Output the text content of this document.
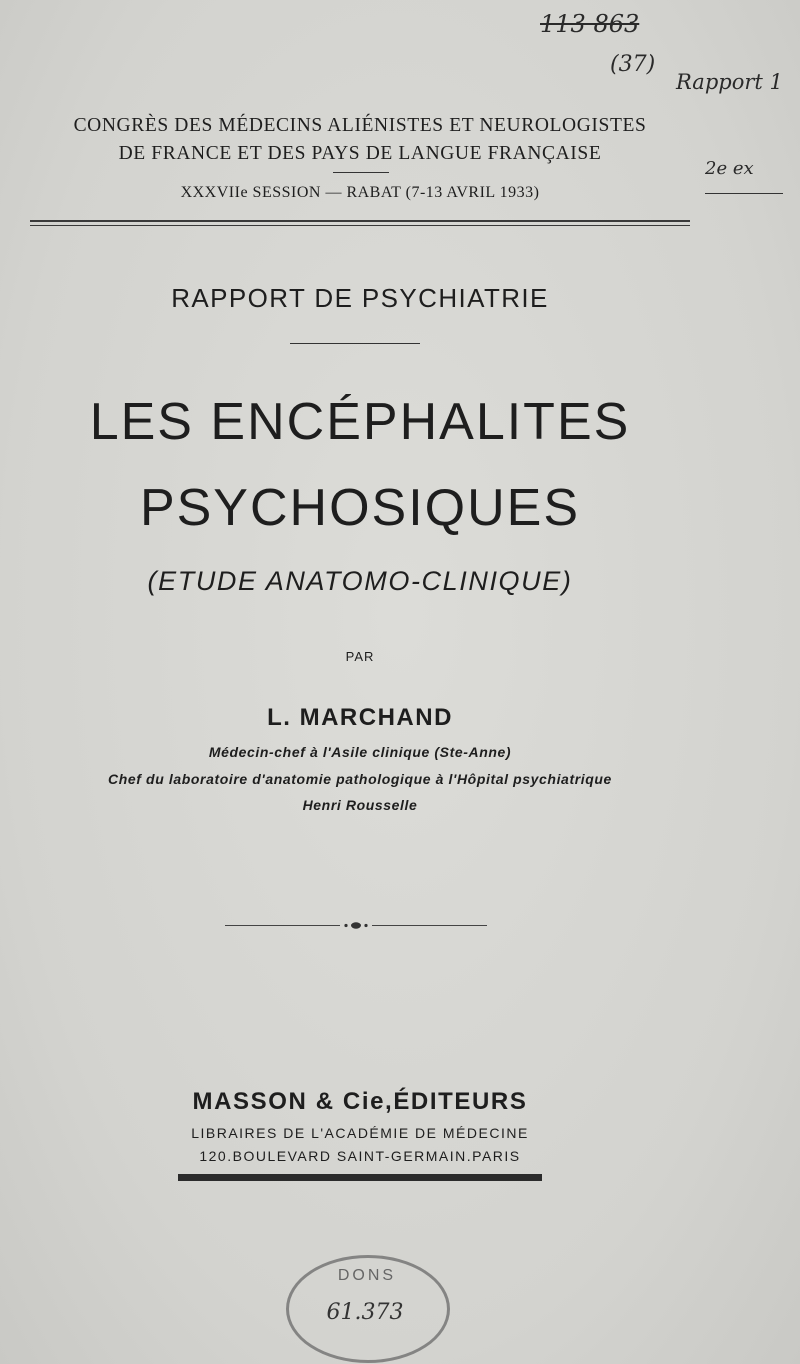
113 863
(37)
Rapport 1
2e ex
CONGRÈS DES MÉDECINS ALIÉNISTES ET NEUROLOGISTES
DE FRANCE ET DES PAYS DE LANGUE FRANÇAISE
XXXVIIe SESSION — RABAT (7-13 AVRIL 1933)
RAPPORT DE PSYCHIATRIE
LES ENCÉPHALITES
PSYCHOSIQUES
(ETUDE ANATOMO-CLINIQUE)
PAR
L. MARCHAND
Médecin-chef à l'Asile clinique (Ste-Anne)
Chef du laboratoire d'anatomie pathologique à l'Hôpital psychiatrique
Henri Rousselle
MASSON & Cie,ÉDITEURS
LIBRAIRES DE L'ACADÉMIE DE MÉDECINE
120.BOULEVARD SAINT-GERMAIN.PARIS
DONS
61.373
